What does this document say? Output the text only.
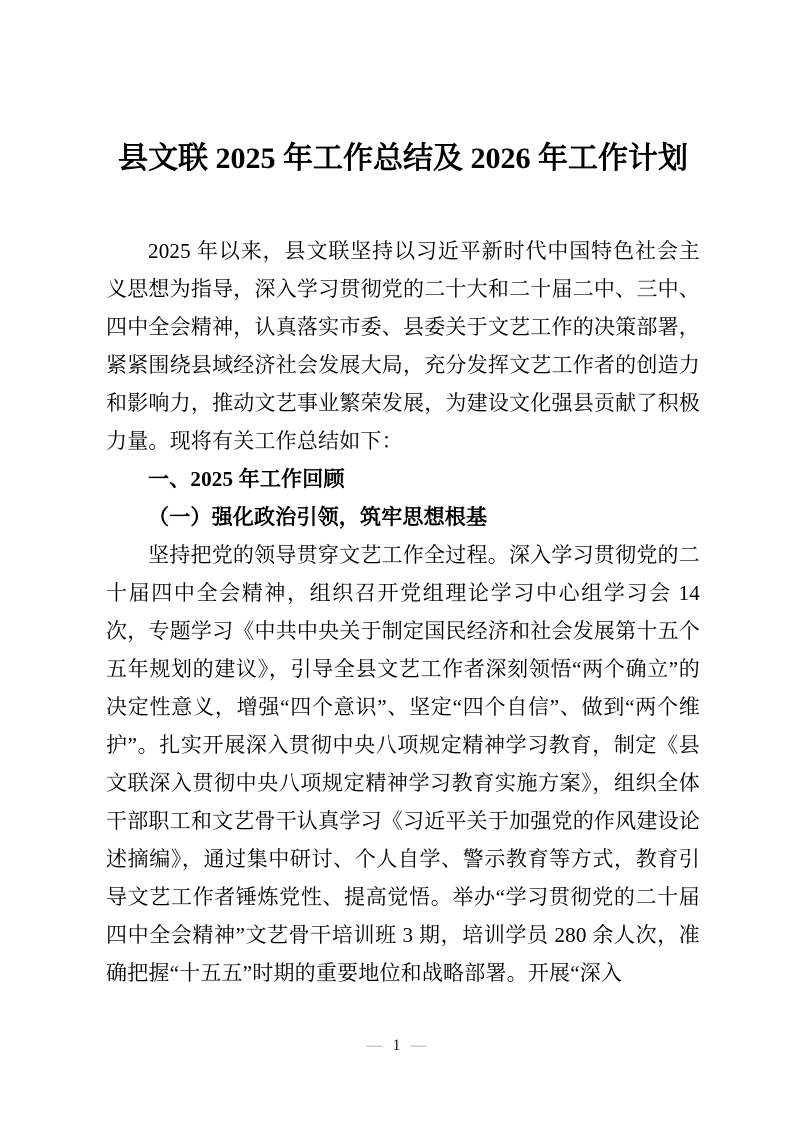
县文联 2025 年工作总结及 2026 年工作计划

2025 年以来，县文联坚持以习近平新时代中国特色社会主义思想为指导，深入学习贯彻党的二十大和二十届二中、三中、四中全会精神，认真落实市委、县委关于文艺工作的决策部署，紧紧围绕县域经济社会发展大局，充分发挥文艺工作者的创造力和影响力，推动文艺事业繁荣发展，为建设文化强县贡献了积极力量。现将有关工作总结如下：

一、2025 年工作回顾

（一）强化政治引领，筑牢思想根基

坚持把党的领导贯穿文艺工作全过程。深入学习贯彻党的二十届四中全会精神，组织召开党组理论学习中心组学习会 14 次，专题学习《中共中央关于制定国民经济和社会发展第十五个五年规划的建议》，引导全县文艺工作者深刻领悟“两个确立”的决定性意义，增强“四个意识”、坚定“四个自信”、做到“两个维护”。扎实开展深入贯彻中央八项规定精神学习教育，制定《县文联深入贯彻中央八项规定精神学习教育实施方案》，组织全体干部职工和文艺骨干认真学习《习近平关于加强党的作风建设论述摘编》，通过集中研讨、个人自学、警示教育等方式，教育引导文艺工作者锤炼党性、提高觉悟。举办“学习贯彻党的二十届四中全会精神”文艺骨干培训班 3 期，培训学员 280 余人次，准确把握“十五五”时期的重要地位和战略部署。开展“深入

— 1 —
